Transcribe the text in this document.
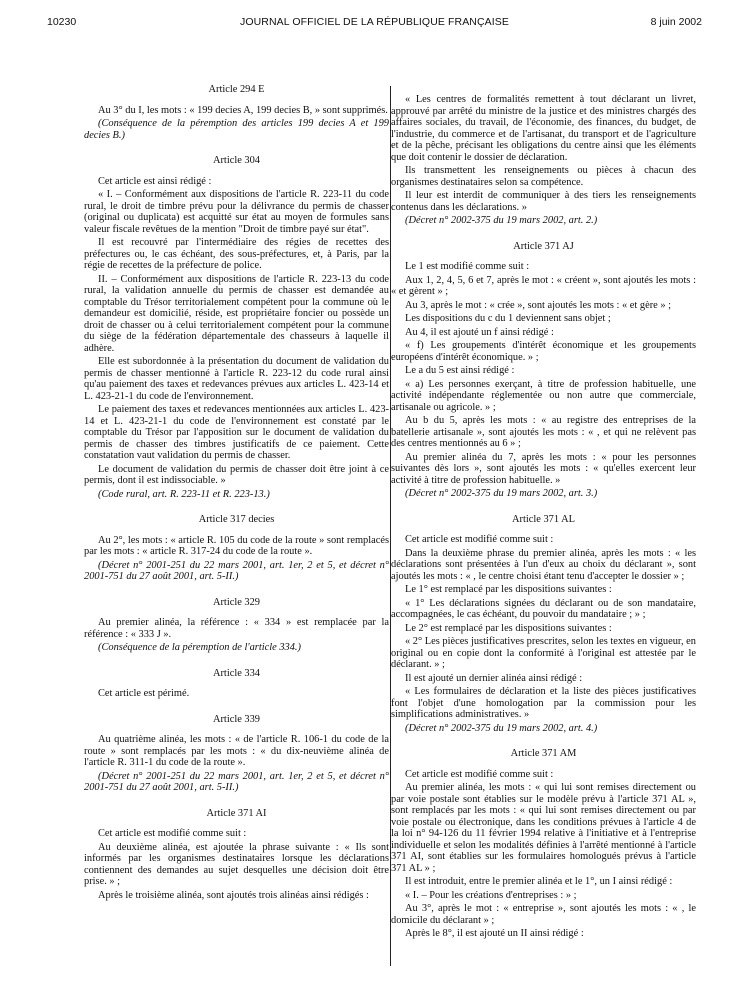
10230	JOURNAL OFFICIEL DE LA RÉPUBLIQUE FRANÇAISE	8 juin 2002
Article 294 E

Au 3° du I, les mots : « 199 decies A, 199 decies B, » sont supprimés.

(Conséquence de la péremption des articles 199 decies A et 199 decies B.)

Article 304

Cet article est ainsi rédigé :

« I. – Conformément aux dispositions de l'article R. 223-11 du code rural, le droit de timbre prévu pour la délivrance du permis de chasser (original ou duplicata) est acquitté sur état au moyen de formules sans valeur fiscale revêtues de la mention "Droit de timbre payé sur état".

Il est recouvré par l'intermédiaire des régies de recettes des préfectures ou, le cas échéant, des sous-préfectures, et, à Paris, par la régie de recettes de la préfecture de police.

II. – Conformément aux dispositions de l'article R. 223-13 du code rural, la validation annuelle du permis de chasser est demandée au comptable du Trésor territorialement compétent pour la commune où le demandeur est domicilié, réside, est propriétaire foncier ou possède un droit de chasser ou à celui territorialement compétent pour la commune du siège de la fédération départementale des chasseurs à laquelle il adhère.

Elle est subordonnée à la présentation du document de validation du permis de chasser mentionné à l'article R. 223-12 du code rural ainsi qu'au paiement des taxes et redevances prévues aux articles L. 423-14 et L. 423-21-1 du code de l'environnement.

Le paiement des taxes et redevances mentionnées aux articles L. 423-14 et L. 423-21-1 du code de l'environnement est constaté par le comptable du Trésor par l'apposition sur le document de validation du permis de chasser des timbres justificatifs de ce paiement. Cette constatation vaut validation du permis de chasser.

Le document de validation du permis de chasser doit être joint à ce permis, dont il est indissociable. »

(Code rural, art. R. 223-11 et R. 223-13.)

Article 317 decies

Au 2°, les mots : « article R. 105 du code de la route » sont remplacés par les mots : « article R. 317-24 du code de la route ».

(Décret n° 2001-251 du 22 mars 2001, art. 1er, 2 et 5, et décret n° 2001-751 du 27 août 2001, art. 5-II.)

Article 329

Au premier alinéa, la référence : « 334 » est remplacée par la référence : « 333 J ».

(Conséquence de la péremption de l'article 334.)

Article 334

Cet article est périmé.

Article 339

Au quatrième alinéa, les mots : « de l'article R. 106-1 du code de la route » sont remplacés par les mots : « du dix-neuvième alinéa de l'article R. 311-1 du code de la route ».

(Décret n° 2001-251 du 22 mars 2001, art. 1er, 2 et 5, et décret n° 2001-751 du 27 août 2001, art. 5-II.)

Article 371 AI

Cet article est modifié comme suit :

Au deuxième alinéa, est ajoutée la phrase suivante : « Ils sont informés par les organismes destinataires lorsque les déclarations contiennent des demandes au sujet desquelles une décision doit être prise. » ;

Après le troisième alinéa, sont ajoutés trois alinéas ainsi rédigés :

« Les centres de formalités remettent à tout déclarant un livret, approuvé par arrêté du ministre de la justice et des ministres chargés des affaires sociales, du travail, de l'économie, des finances, du budget, de l'industrie, du commerce et de l'artisanat, du transport et de l'agriculture et de la pêche, précisant les obligations du centre ainsi que les éléments que doit contenir le dossier de déclaration.

Ils transmettent les renseignements ou pièces à chacun des organismes destinataires selon sa compétence.

Il leur est interdit de communiquer à des tiers les renseignements contenus dans les déclarations. »

(Décret n° 2002-375 du 19 mars 2002, art. 2.)

Article 371 AJ

Le 1 est modifié comme suit :

Aux 1, 2, 4, 5, 6 et 7, après le mot : « créent », sont ajoutés les mots : « et gèrent » ;

Au 3, après le mot : « crée », sont ajoutés les mots : « et gère » ;

Les dispositions du c du 1 deviennent sans objet ;

Au 4, il est ajouté un f ainsi rédigé :

« f) Les groupements d'intérêt économique et les groupements européens d'intérêt économique. » ;

Le a du 5 est ainsi rédigé :

« a) Les personnes exerçant, à titre de profession habituelle, une activité indépendante réglementée ou non autre que commerciale, artisanale ou agricole. » ;

Au b du 5, après les mots : « au registre des entreprises de la batellerie artisanale », sont ajoutés les mots : « , et qui ne relèvent pas des centres mentionnés au 6 » ;

Au premier alinéa du 7, après les mots : « pour les personnes suivantes dès lors », sont ajoutés les mots : « qu'elles exercent leur activité à titre de profession habituelle. »

(Décret n° 2002-375 du 19 mars 2002, art. 3.)

Article 371 AL

Cet article est modifié comme suit :

Dans la deuxième phrase du premier alinéa, après les mots : « les déclarations sont présentées à l'un d'eux au choix du déclarant », sont ajoutés les mots : « , le centre choisi étant tenu d'accepter le dossier » ;

Le 1° est remplacé par les dispositions suivantes :

« 1° Les déclarations signées du déclarant ou de son mandataire, accompagnées, le cas échéant, du pouvoir du mandataire ; » ;

Le 2° est remplacé par les dispositions suivantes :

« 2° Les pièces justificatives prescrites, selon les textes en vigueur, en original ou en copie dont la conformité à l'original est attestée par le déclarant. » ;

Il est ajouté un dernier alinéa ainsi rédigé :

« Les formulaires de déclaration et la liste des pièces justificatives font l'objet d'une homologation par la commission pour les simplifications administratives. »

(Décret n° 2002-375 du 19 mars 2002, art. 4.)

Article 371 AM

Cet article est modifié comme suit :

Au premier alinéa, les mots : « qui lui sont remises directement ou par voie postale sont établies sur le modèle prévu à l'article 371 AL », sont remplacés par les mots : « qui lui sont remises directement ou par voie postale ou électronique, dans les conditions prévues à l'article 4 de la loi n° 94-126 du 11 février 1994 relative à l'initiative et à l'entreprise individuelle et selon les modalités définies à l'arrêté mentionné à l'article 371 AI, sont établies sur les formulaires homologués prévus à l'article 371 AL » ;

Il est introduit, entre le premier alinéa et le 1°, un I ainsi rédigé :

« I. – Pour les créations d'entreprises : » ;

Au 3°, après le mot : « entreprise », sont ajoutés les mots : « , le domicile du déclarant » ;

Après le 8°, il est ajouté un II ainsi rédigé :
